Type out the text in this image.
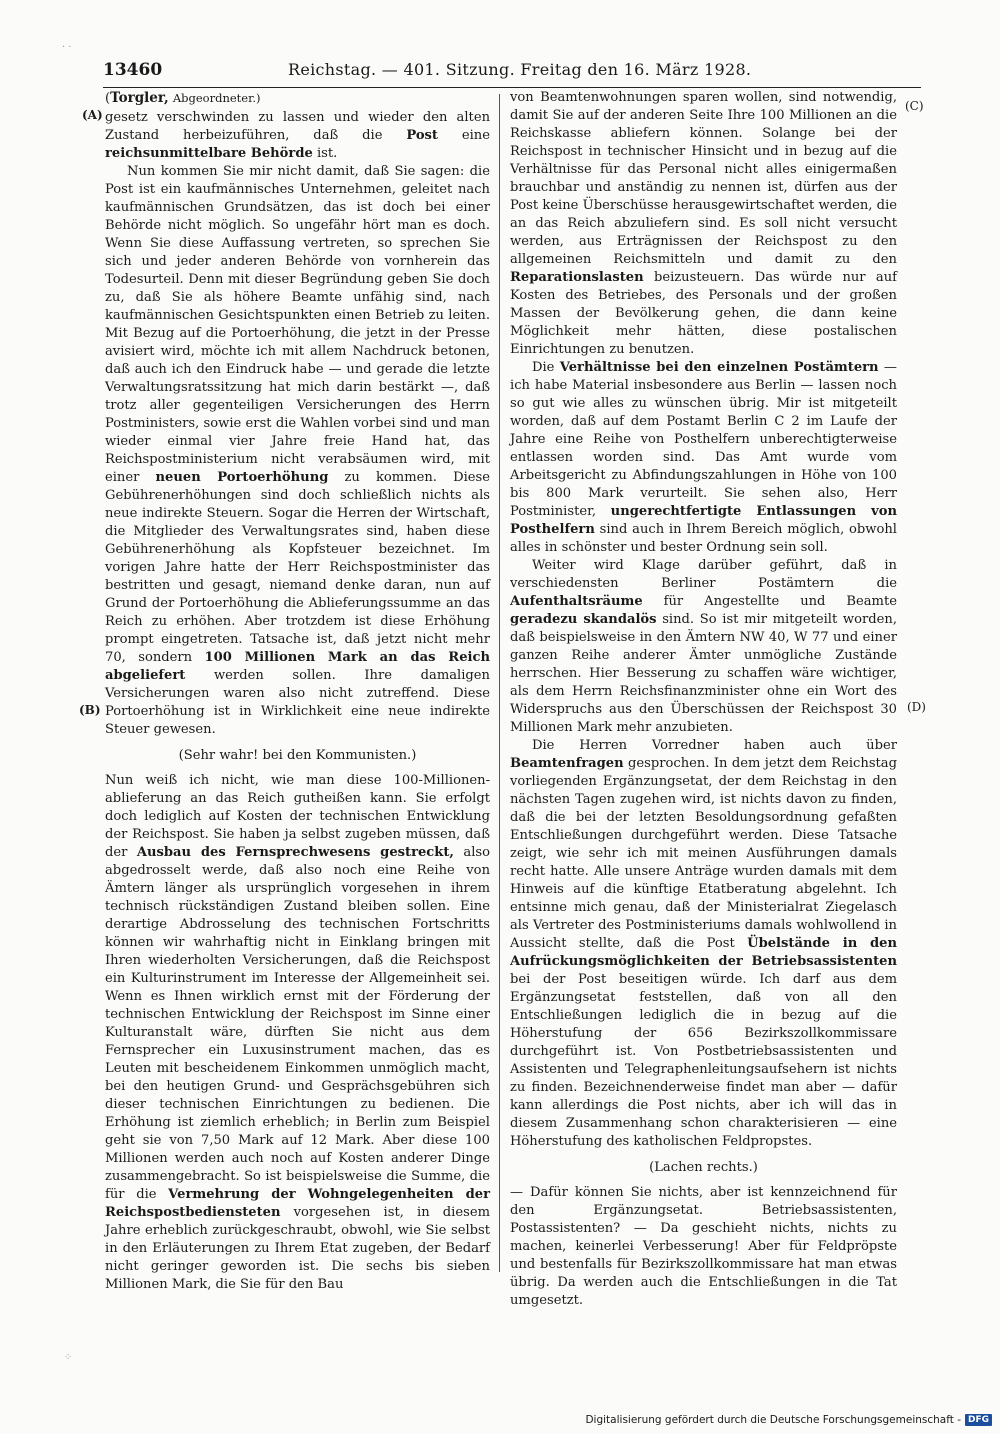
· ·
⁘
13460	Reichstag. — 401. Sitzung. Freitag den 16. März 1928.
(A)
(B)
(C)
(D)
(Torgler, Abgeordneter.)

gesetz verschwinden zu lassen und wieder den alten Zustand herbeizuführen, daß die Post eine reichsunmittelbare Behörde ist.

Nun kommen Sie mir nicht damit, daß Sie sagen: die Post ist ein kaufmännisches Unternehmen, geleitet nach kaufmännischen Grundsätzen, das ist doch bei einer Behörde nicht möglich. So ungefähr hört man es doch. Wenn Sie diese Auffassung vertreten, so sprechen Sie sich und jeder anderen Behörde von vornherein das Todesurteil. Denn mit dieser Begründung geben Sie doch zu, daß Sie als höhere Beamte unfähig sind, nach kaufmännischen Gesichtspunkten einen Betrieb zu leiten. Mit Bezug auf die Portoerhöhung, die jetzt in der Presse avisiert wird, möchte ich mit allem Nachdruck betonen, daß auch ich den Eindruck habe — und gerade die letzte Verwaltungsratssitzung hat mich darin bestärkt —, daß trotz aller gegenteiligen Versicherungen des Herrn Postministers, sowie erst die Wahlen vorbei sind und man wieder einmal vier Jahre freie Hand hat, das Reichspostministerium nicht verabsäumen wird, mit einer neuen Portoerhöhung zu kommen. Diese Gebührenerhöhungen sind doch schließlich nichts als neue indirekte Steuern. Sogar die Herren der Wirtschaft, die Mitglieder des Verwaltungsrates sind, haben diese Gebührenerhöhung als Kopfsteuer bezeichnet. Im vorigen Jahre hatte der Herr Reichspostminister das bestritten und gesagt, niemand denke daran, nun auf Grund der Portoerhöhung die Ablieferungssumme an das Reich zu erhöhen. Aber trotzdem ist diese Erhöhung prompt eingetreten. Tatsache ist, daß jetzt nicht mehr 70, sondern 100 Millionen Mark an das Reich abgeliefert werden sollen. Ihre damaligen Versicherungen waren also nicht zutreffend. Diese Portoerhöhung ist in Wirklichkeit eine neue indirekte Steuer gewesen.

(Sehr wahr! bei den Kommunisten.)

Nun weiß ich nicht, wie man diese 100-Millionen-ablieferung an das Reich gutheißen kann. Sie erfolgt doch lediglich auf Kosten der technischen Entwicklung der Reichspost. Sie haben ja selbst zugeben müssen, daß der Ausbau des Fernsprechwesens gestreckt, also abgedrosselt werde, daß also noch eine Reihe von Ämtern länger als ursprünglich vorgesehen in ihrem technisch rückständigen Zustand bleiben sollen. Eine derartige Abdrosselung des technischen Fortschritts können wir wahrhaftig nicht in Einklang bringen mit Ihren wiederholten Versicherungen, daß die Reichspost ein Kulturinstrument im Interesse der Allgemeinheit sei. Wenn es Ihnen wirklich ernst mit der Förderung der technischen Entwicklung der Reichspost im Sinne einer Kulturanstalt wäre, dürften Sie nicht aus dem Fernsprecher ein Luxusinstrument machen, das es Leuten mit bescheidenem Einkommen unmöglich macht, bei den heutigen Grund- und Gesprächsgebühren sich dieser technischen Einrichtungen zu bedienen. Die Erhöhung ist ziemlich erheblich; in Berlin zum Beispiel geht sie von 7,50 Mark auf 12 Mark. Aber diese 100 Millionen werden auch noch auf Kosten anderer Dinge zusammengebracht. So ist beispielsweise die Summe, die für die Vermehrung der Wohngelegenheiten der Reichspostbediensteten vorgesehen ist, in diesem Jahre erheblich zurückgeschraubt, obwohl, wie Sie selbst in den Erläuterungen zu Ihrem Etat zugeben, der Bedarf nicht geringer geworden ist. Die sechs bis sieben Millionen Mark, die Sie für den Bau

von Beamtenwohnungen sparen wollen, sind notwendig, damit Sie auf der anderen Seite Ihre 100 Millionen an die Reichskasse abliefern können. Solange bei der Reichspost in technischer Hinsicht und in bezug auf die Verhältnisse für das Personal nicht alles einigermaßen brauchbar und anständig zu nennen ist, dürfen aus der Post keine Überschüsse herausgewirtschaftet werden, die an das Reich abzuliefern sind. Es soll nicht versucht werden, aus Erträgnissen der Reichspost zu den allgemeinen Reichsmitteln und damit zu den Reparationslasten beizusteuern. Das würde nur auf Kosten des Betriebes, des Personals und der großen Massen der Bevölkerung gehen, die dann keine Möglichkeit mehr hätten, diese postalischen Einrichtungen zu benutzen.

Die Verhältnisse bei den einzelnen Postämtern — ich habe Material insbesondere aus Berlin — lassen noch so gut wie alles zu wünschen übrig. Mir ist mitgeteilt worden, daß auf dem Postamt Berlin C 2 im Laufe der Jahre eine Reihe von Posthelfern unberechtigterweise entlassen worden sind. Das Amt wurde vom Arbeitsgericht zu Abfindungszahlungen in Höhe von 100 bis 800 Mark verurteilt. Sie sehen also, Herr Postminister, ungerechtfertigte Entlassungen von Posthelfern sind auch in Ihrem Bereich möglich, obwohl alles in schönster und bester Ordnung sein soll.

Weiter wird Klage darüber geführt, daß in verschiedensten Berliner Postämtern die Aufenthaltsräume für Angestellte und Beamte geradezu skandalös sind. So ist mir mitgeteilt worden, daß beispielsweise in den Ämtern NW 40, W 77 und einer ganzen Reihe anderer Ämter unmögliche Zustände herrschen. Hier Besserung zu schaffen wäre wichtiger, als dem Herrn Reichsfinanzminister ohne ein Wort des Widerspruchs aus den Überschüssen der Reichspost 30 Millionen Mark mehr anzubieten.

Die Herren Vorredner haben auch über Beamtenfragen gesprochen. In dem jetzt dem Reichstag vorliegenden Ergänzungsetat, der dem Reichstag in den nächsten Tagen zugehen wird, ist nichts davon zu finden, daß die bei der letzten Besoldungsordnung gefaßten Entschließungen durchgeführt werden. Diese Tatsache zeigt, wie sehr ich mit meinen Ausführungen damals recht hatte. Alle unsere Anträge wurden damals mit dem Hinweis auf die künftige Etatberatung abgelehnt. Ich entsinne mich genau, daß der Ministerialrat Ziegelasch als Vertreter des Postministeriums damals wohlwollend in Aussicht stellte, daß die Post Übelstände in den Aufrückungsmöglichkeiten der Betriebsassistenten bei der Post beseitigen würde. Ich darf aus dem Ergänzungsetat feststellen, daß von all den Entschließungen lediglich die in bezug auf die Höherstufung der 656 Bezirkszollkommissare durchgeführt ist. Von Postbetriebsassistenten und Assistenten und Telegraphenleitungsaufsehern ist nichts zu finden. Bezeichnenderweise findet man aber — dafür kann allerdings die Post nichts, aber ich will das in diesem Zusammenhang schon charakterisieren — eine Höherstufung des katholischen Feldpropstes.

(Lachen rechts.)

— Dafür können Sie nichts, aber ist kennzeichnend für den Ergänzungsetat. Betriebsassistenten, Postassistenten? — Da geschieht nichts, nichts zu machen, keinerlei Verbesserung! Aber für Feldpröpste und bestenfalls für Bezirkszollkommissare hat man etwas übrig. Da werden auch die Entschließungen in die Tat umgesetzt.

Digitalisierung gefördert durch die Deutsche Forschungsgemeinschaft - DFG
